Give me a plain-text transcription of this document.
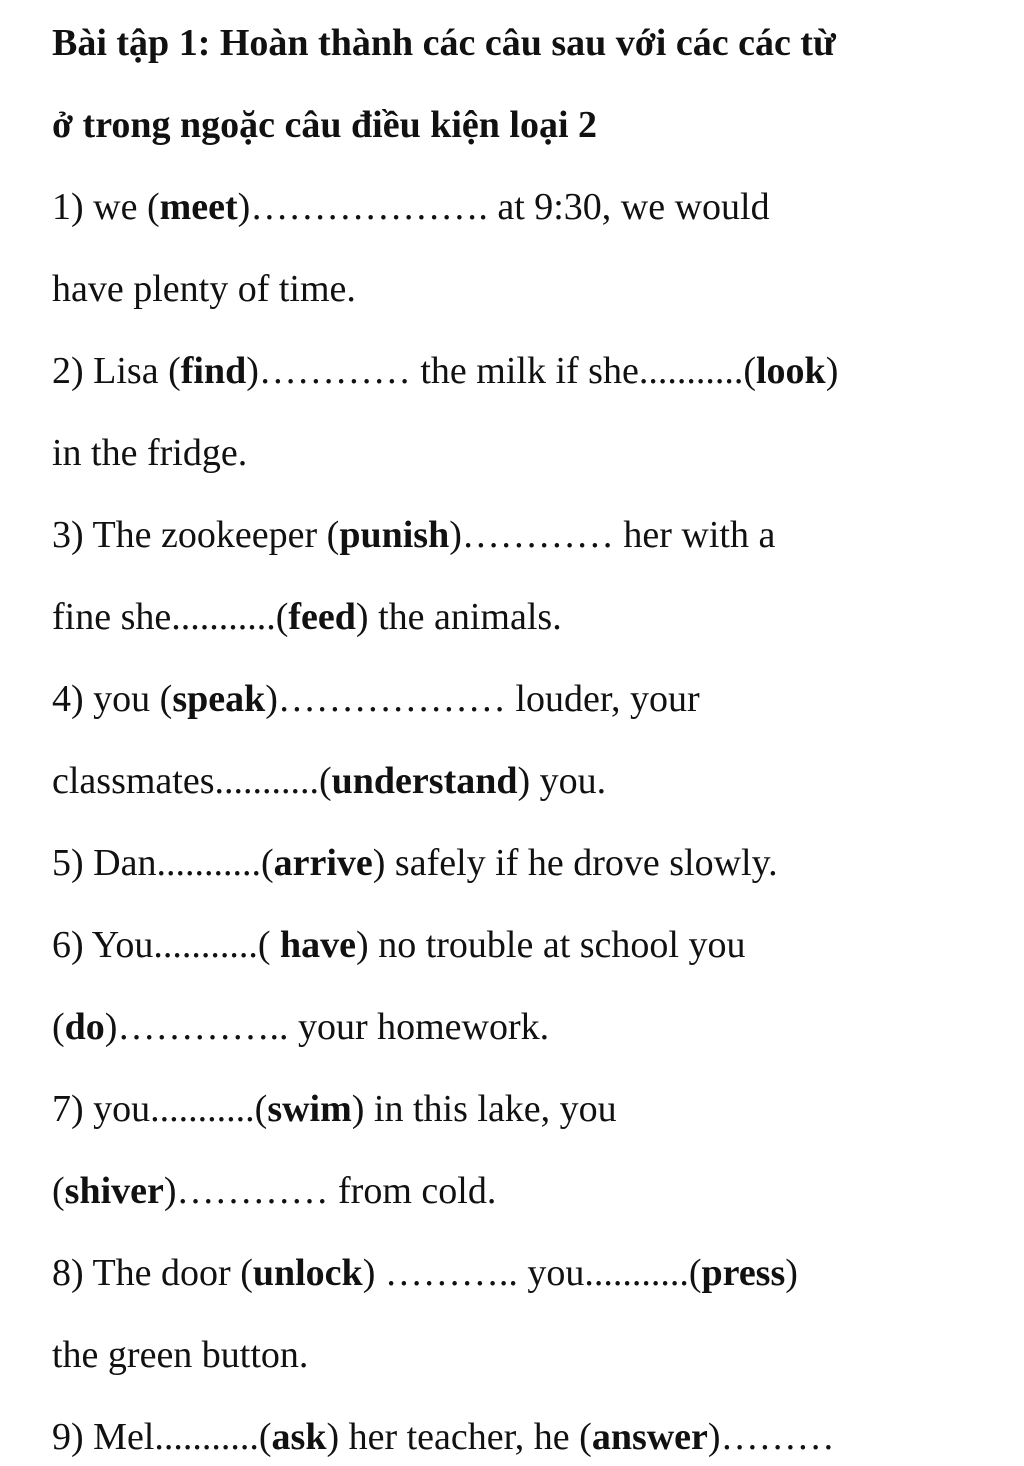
Bài tập 1: Hoàn thành các câu sau với các các từ
ở trong ngoặc câu điều kiện loại 2
1) we (meet)………………. at 9:30, we would
have plenty of time.
2) Lisa (find)………… the milk if she...........(look)
in the fridge.
3) The zookeeper (punish)………… her with a
fine she...........(feed) the animals.
4) you (speak)……………… louder, your
classmates...........(understand) you.
5) Dan...........(arrive) safely if he drove slowly.
6) You...........( have) no trouble at school you
(do)………….. your homework.
7) you...........(swim) in this lake, you
(shiver)………… from cold.
8) The door (unlock) ……….. you...........(press)
the green button.
9) Mel...........(ask) her teacher, he (answer)………
